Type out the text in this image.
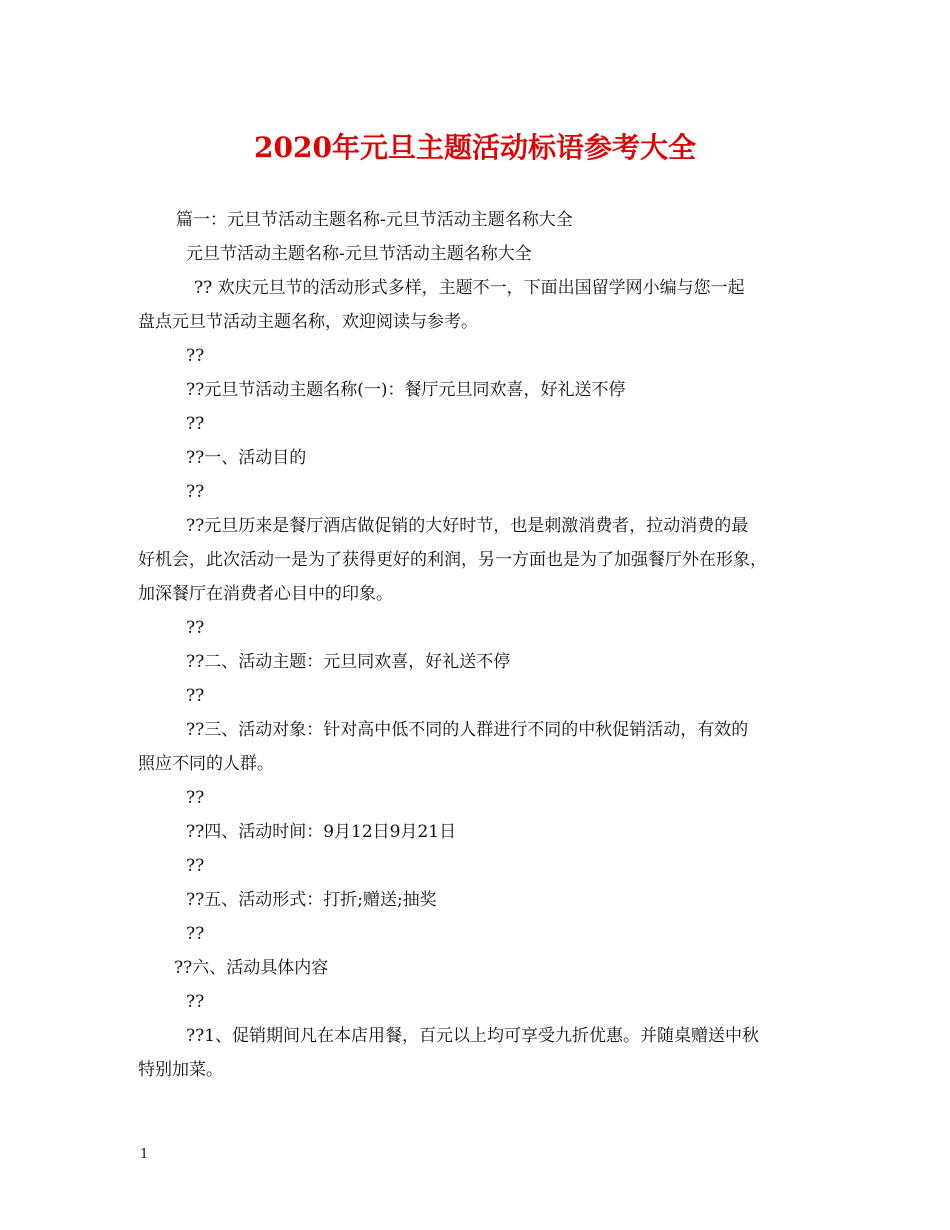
2020年元旦主题活动标语参考大全
篇一：元旦节活动主题名称-元旦节活动主题名称大全
元旦节活动主题名称-元旦节活动主题名称大全
?? 欢庆元旦节的活动形式多样，主题不一，下面出国留学网小编与您一起
盘点元旦节活动主题名称，欢迎阅读与参考。
??
??元旦节活动主题名称(一)：餐厅元旦同欢喜，好礼送不停
??
??一、活动目的
??
??元旦历来是餐厅酒店做促销的大好时节，也是刺激消费者，拉动消费的最
好机会，此次活动一是为了获得更好的利润，另一方面也是为了加强餐厅外在形象，
加深餐厅在消费者心目中的印象。
??
??二、活动主题：元旦同欢喜，好礼送不停
??
??三、活动对象：针对高中低不同的人群进行不同的中秋促销活动，有效的
照应不同的人群。
??
??四、活动时间：9月12日9月21日
??
??五、活动形式：打折;赠送;抽奖
??
??六、活动具体内容
??
??1、促销期间凡在本店用餐，百元以上均可享受九折优惠。并随桌赠送中秋
特别加菜。
1
